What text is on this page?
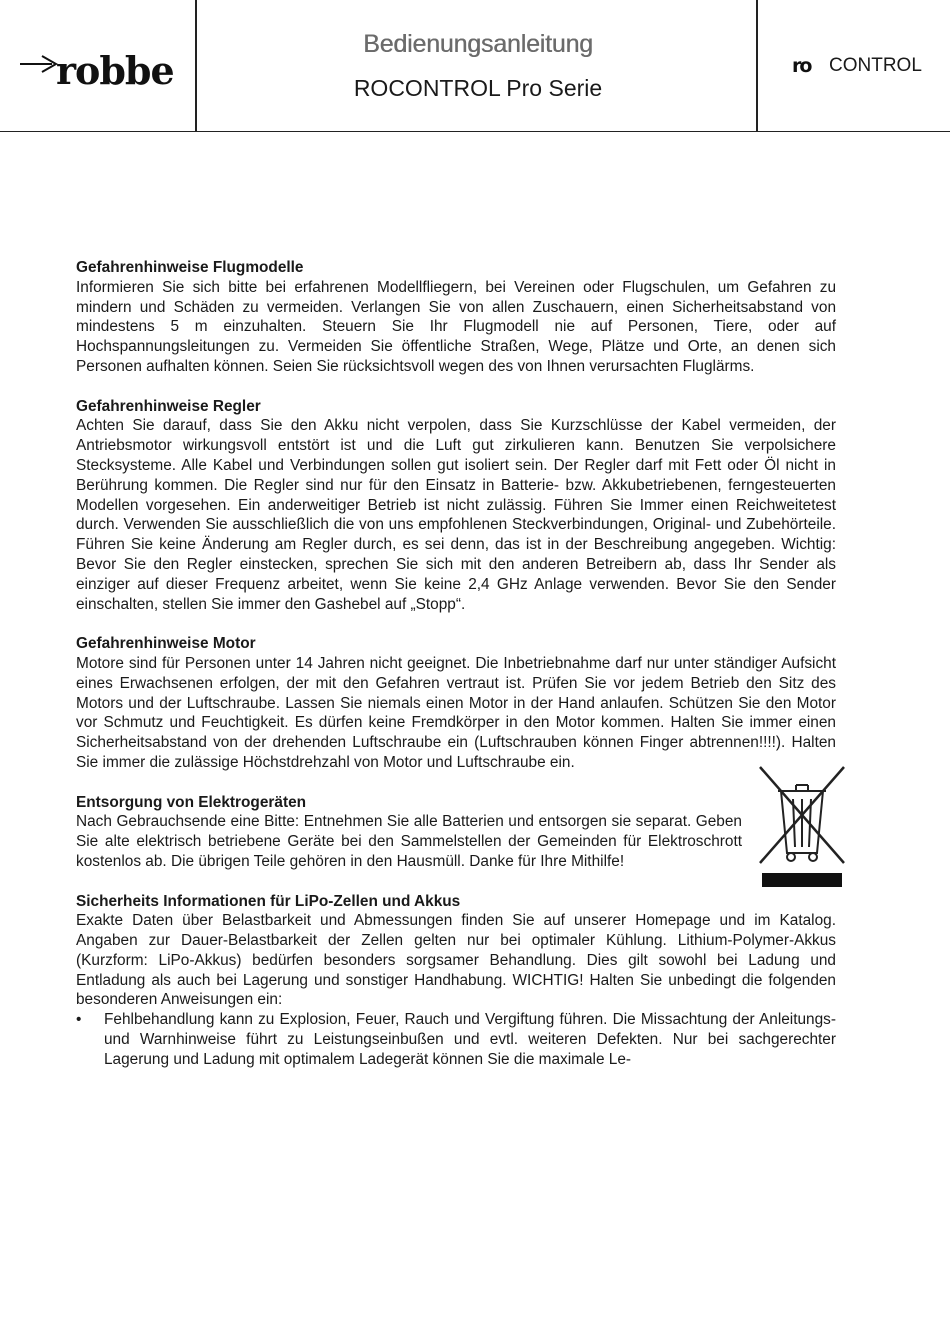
robbe
Bedienungsanleitung
ROCONTROL Pro Serie
ro CONTROL
Gefahrenhinweise Flugmodelle

Informieren Sie sich bitte bei erfahrenen Modellfliegern, bei Vereinen oder Flugschulen, um Gefahren zu mindern und Schäden zu vermeiden. Verlangen Sie von allen Zuschauern, einen Sicherheitsabstand von mindestens 5 m einzuhalten. Steuern Sie Ihr Flugmodell nie auf Personen, Tiere, oder auf Hochspannungsleitungen zu. Vermeiden Sie öffentliche Straßen, Wege, Plätze und Orte, an denen sich Personen aufhalten können. Seien Sie rücksichtsvoll wegen des von Ihnen verursachten Fluglärms.

Gefahrenhinweise Regler

Achten Sie darauf, dass Sie den Akku nicht verpolen, dass Sie Kurzschlüsse der Kabel vermeiden, der Antriebsmotor wirkungsvoll entstört ist und die Luft gut zirkulieren kann. Benutzen Sie verpolsichere Stecksysteme. Alle Kabel und Verbindungen sollen gut isoliert sein. Der Regler darf mit Fett oder Öl nicht in Berührung kommen. Die Regler sind nur für den Einsatz in Batterie- bzw. Akkubetriebenen, ferngesteuerten Modellen vorgesehen. Ein anderweitiger Betrieb ist nicht zulässig. Führen Sie Immer einen Reichweitetest durch. Verwenden Sie ausschließlich die von uns empfohlenen Steckverbindungen, Original- und Zubehörteile. Führen Sie keine Änderung am Regler durch, es sei denn, das ist in der Beschreibung angegeben. Wichtig: Bevor Sie den Regler einstecken, sprechen Sie sich mit den anderen Betreibern ab, dass Ihr Sender als einziger auf dieser Frequenz arbeitet, wenn Sie keine 2,4 GHz Anlage verwenden. Bevor Sie den Sender einschalten, stellen Sie immer den Gashebel auf „Stopp“.

Gefahrenhinweise Motor

Motore sind für Personen unter 14 Jahren nicht geeignet. Die Inbetriebnahme darf nur unter ständiger Aufsicht eines Erwachsenen erfolgen, der mit den Gefahren vertraut ist. Prüfen Sie vor jedem Betrieb den Sitz des Motors und der Luftschraube. Lassen Sie niemals einen Motor in der Hand anlaufen. Schützen Sie den Motor vor Schmutz und Feuchtigkeit. Es dürfen keine Fremdkörper in den Motor kommen. Halten Sie immer einen Sicherheitsabstand von der drehenden Luftschraube ein (Luftschrauben können Finger abtrennen!!!!). Halten Sie immer die zulässige Höchstdrehzahl von Motor und Luftschraube ein.

Entsorgung von Elektrogeräten

Nach Gebrauchsende eine Bitte: Entnehmen Sie alle Batterien und entsorgen sie separat. Geben Sie alte elektrisch betriebene Geräte bei den Sammelstellen der Gemeinden für Elektroschrott kostenlos ab. Die übrigen Teile gehören in den Hausmüll. Danke für Ihre Mithilfe!

Sicherheits Informationen für LiPo-Zellen und Akkus

Exakte Daten über Belastbarkeit und Abmessungen finden Sie auf unserer Homepage und im Katalog. Angaben zur Dauer-Belastbarkeit der Zellen gelten nur bei optimaler Kühlung. Lithium-Polymer-Akkus (Kurzform: LiPo-Akkus) bedürfen besonders sorgsamer Behandlung. Dies gilt sowohl bei Ladung und Entladung als auch bei Lagerung und sonstiger Handhabung. WICHTIG! Halten Sie unbedingt die folgenden besonderen Anweisungen ein:

• Fehlbehandlung kann zu Explosion, Feuer, Rauch und Vergiftung führen. Die Missachtung der Anleitungs- und Warnhinweise führt zu Leistungseinbußen und evtl. weiteren Defekten. Nur bei sachgerechter Lagerung und Ladung mit optimalem Ladegerät können Sie die maximale Le-
